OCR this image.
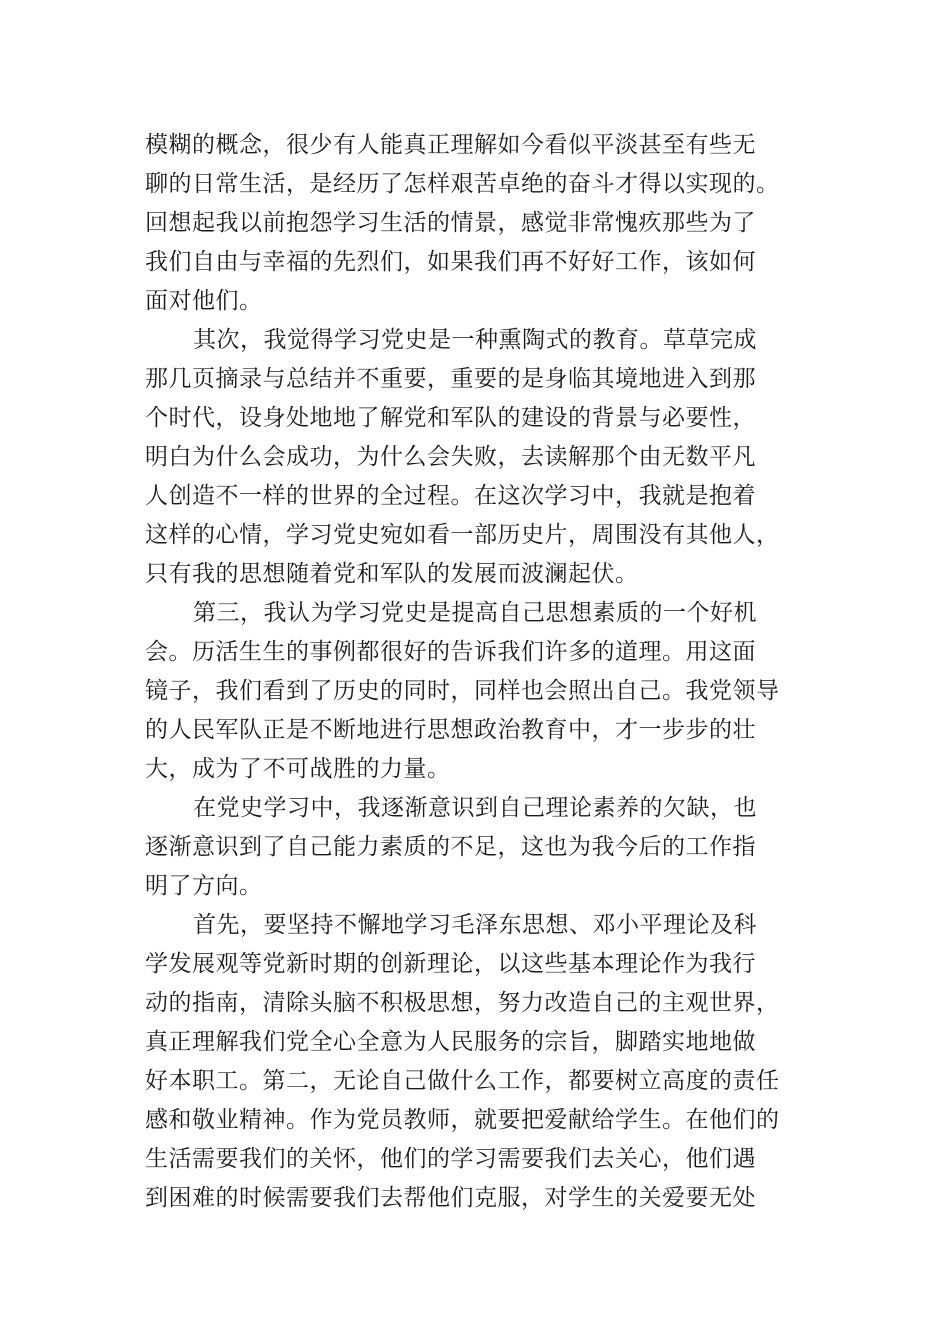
模糊的概念，很少有人能真正理解如今看似平淡甚至有些无
聊的日常生活，是经历了怎样艰苦卓绝的奋斗才得以实现的。
回想起我以前抱怨学习生活的情景，感觉非常愧疚那些为了
我们自由与幸福的先烈们，如果我们再不好好工作，该如何
面对他们。
其次，我觉得学习党史是一种熏陶式的教育。草草完成
那几页摘录与总结并不重要，重要的是身临其境地进入到那
个时代，设身处地地了解党和军队的建设的背景与必要性，
明白为什么会成功，为什么会失败，去读解那个由无数平凡
人创造不一样的世界的全过程。在这次学习中，我就是抱着
这样的心情，学习党史宛如看一部历史片，周围没有其他人，
只有我的思想随着党和军队的发展而波澜起伏。
第三，我认为学习党史是提高自己思想素质的一个好机
会。历活生生的事例都很好的告诉我们许多的道理。用这面
镜子，我们看到了历史的同时，同样也会照出自己。我党领导
的人民军队正是不断地进行思想政治教育中，才一步步的壮
大，成为了不可战胜的力量。
在党史学习中，我逐渐意识到自己理论素养的欠缺，也
逐渐意识到了自己能力素质的不足，这也为我今后的工作指
明了方向。
首先，要坚持不懈地学习毛泽东思想、邓小平理论及科
学发展观等党新时期的创新理论，以这些基本理论作为我行
动的指南，清除头脑不积极思想，努力改造自己的主观世界，
真正理解我们党全心全意为人民服务的宗旨，脚踏实地地做
好本职工。第二，无论自己做什么工作，都要树立高度的责任
感和敬业精神。作为党员教师，就要把爱献给学生。在他们的
生活需要我们的关怀，他们的学习需要我们去关心，他们遇
到困难的时候需要我们去帮他们克服，对学生的关爱要无处
